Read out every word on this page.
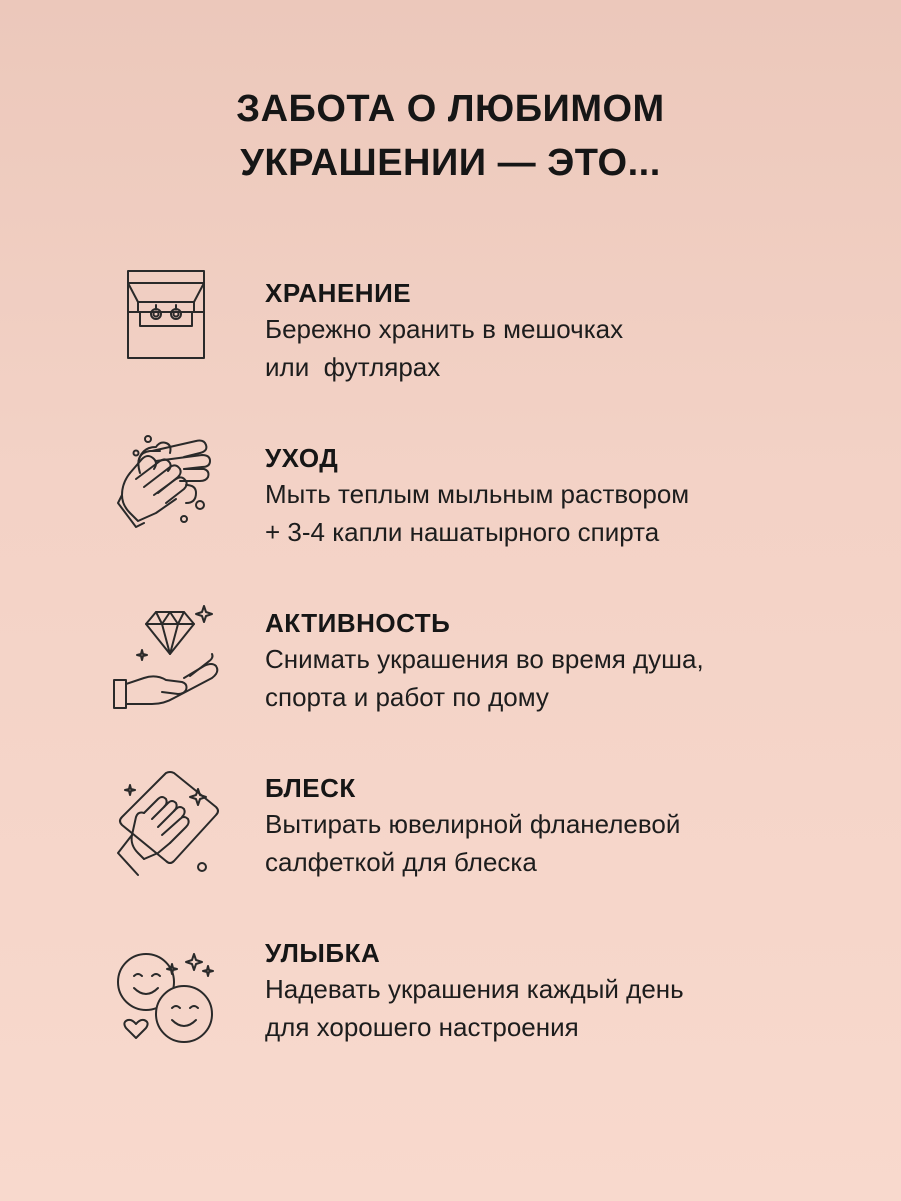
ЗАБОТА О ЛЮБИМОМ
УКРАШЕНИИ — ЭТО...
ХРАНЕНИЕ
Бережно хранить в мешочках
или  футлярах
УХОД
Мыть теплым мыльным раствором
+ 3-4 капли нашатырного спирта
АКТИВНОСТЬ
Снимать украшения во время душа,
спорта и работ по дому
БЛЕСК
Вытирать ювелирной фланелевой
салфеткой для блеска
УЛЫБКА
Надевать украшения каждый день
для хорошего настроения
